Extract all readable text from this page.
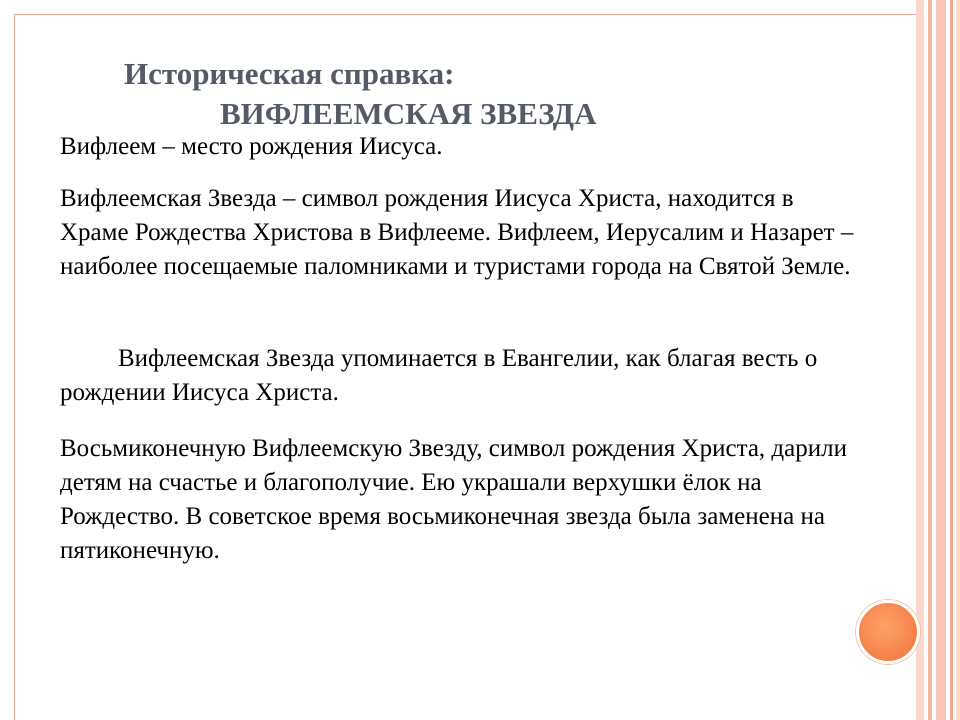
Историческая справка:
ВИФЛЕЕМСКАЯ ЗВЕЗДА

Вифлеем – место рождения Иисуса.

Вифлеемская Звезда – символ рождения Иисуса Христа, находится в Храме Рождества Христова в Вифлееме. Вифлеем, Иерусалим и Назарет – наиболее посещаемые паломниками и туристами города на Святой Земле.

Вифлеемская Звезда упоминается в Евангелии, как благая весть о рождении Иисуса Христа.

Восьмиконечную Вифлеемскую Звезду, символ рождения Христа, дарили детям на счастье и благополучие. Ею украшали верхушки ёлок на Рождество. В советское время восьмиконечная звезда была заменена на пятиконечную.
